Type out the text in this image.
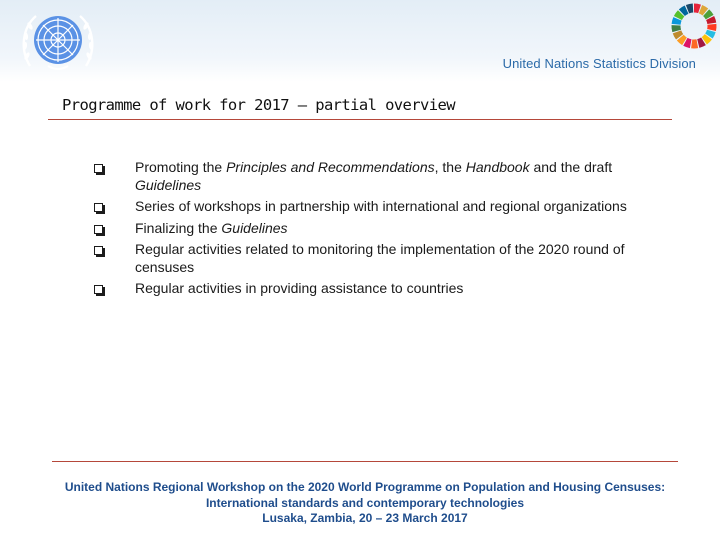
United Nations Statistics Division
Programme of work for 2017 – partial overview
Promoting the Principles and Recommendations, the Handbook and the draft Guidelines
Series of workshops in partnership with international and regional organizations
Finalizing the Guidelines
Regular activities related to monitoring the implementation of the 2020 round of censuses
Regular activities in providing assistance to countries
United Nations Regional Workshop on the 2020 World Programme on Population and Housing Censuses:
International standards and contemporary technologies
Lusaka, Zambia, 20 – 23 March 2017
